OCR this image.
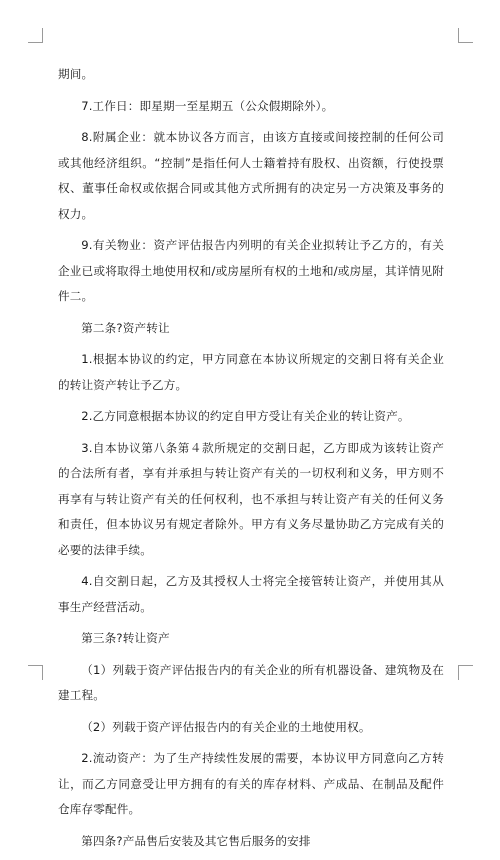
期间。

7.工作日：即星期一至星期五（公众假期除外）。

8.附属企业：就本协议各方而言，由该方直接或间接控制的任何公司或其他经济组织。“控制”是指任何人士籍着持有股权、出资额，行使投票权、董事任命权或依据合同或其他方式所拥有的决定另一方决策及事务的权力。

9.有关物业：资产评估报告内列明的有关企业拟转让予乙方的，有关企业已或将取得土地使用权和/或房屋所有权的土地和/或房屋，其详情见附件二。

第二条?资产转让

1.根据本协议的约定，甲方同意在本协议所规定的交割日将有关企业的转让资产转让予乙方。

2.乙方同意根据本协议的约定自甲方受让有关企业的转让资产。

3.自本协议第八条第４款所规定的交割日起，乙方即成为该转让资产的合法所有者，享有并承担与转让资产有关的一切权利和义务，甲方则不再享有与转让资产有关的任何权利，也不承担与转让资产有关的任何义务和责任，但本协议另有规定者除外。甲方有义务尽量协助乙方完成有关的必要的法律手续。

4.自交割日起，乙方及其授权人士将完全接管转让资产，并使用其从事生产经营活动。

第三条?转让资产

（1）列载于资产评估报告内的有关企业的所有机器设备、建筑物及在建工程。

（2）列载于资产评估报告内的有关企业的土地使用权。

2.流动资产：为了生产持续性发展的需要，本协议甲方同意向乙方转让，而乙方同意受让甲方拥有的有关的库存材料、产成品、在制品及配件仓库存零配件。

第四条?产品售后安装及其它售后服务的安排
